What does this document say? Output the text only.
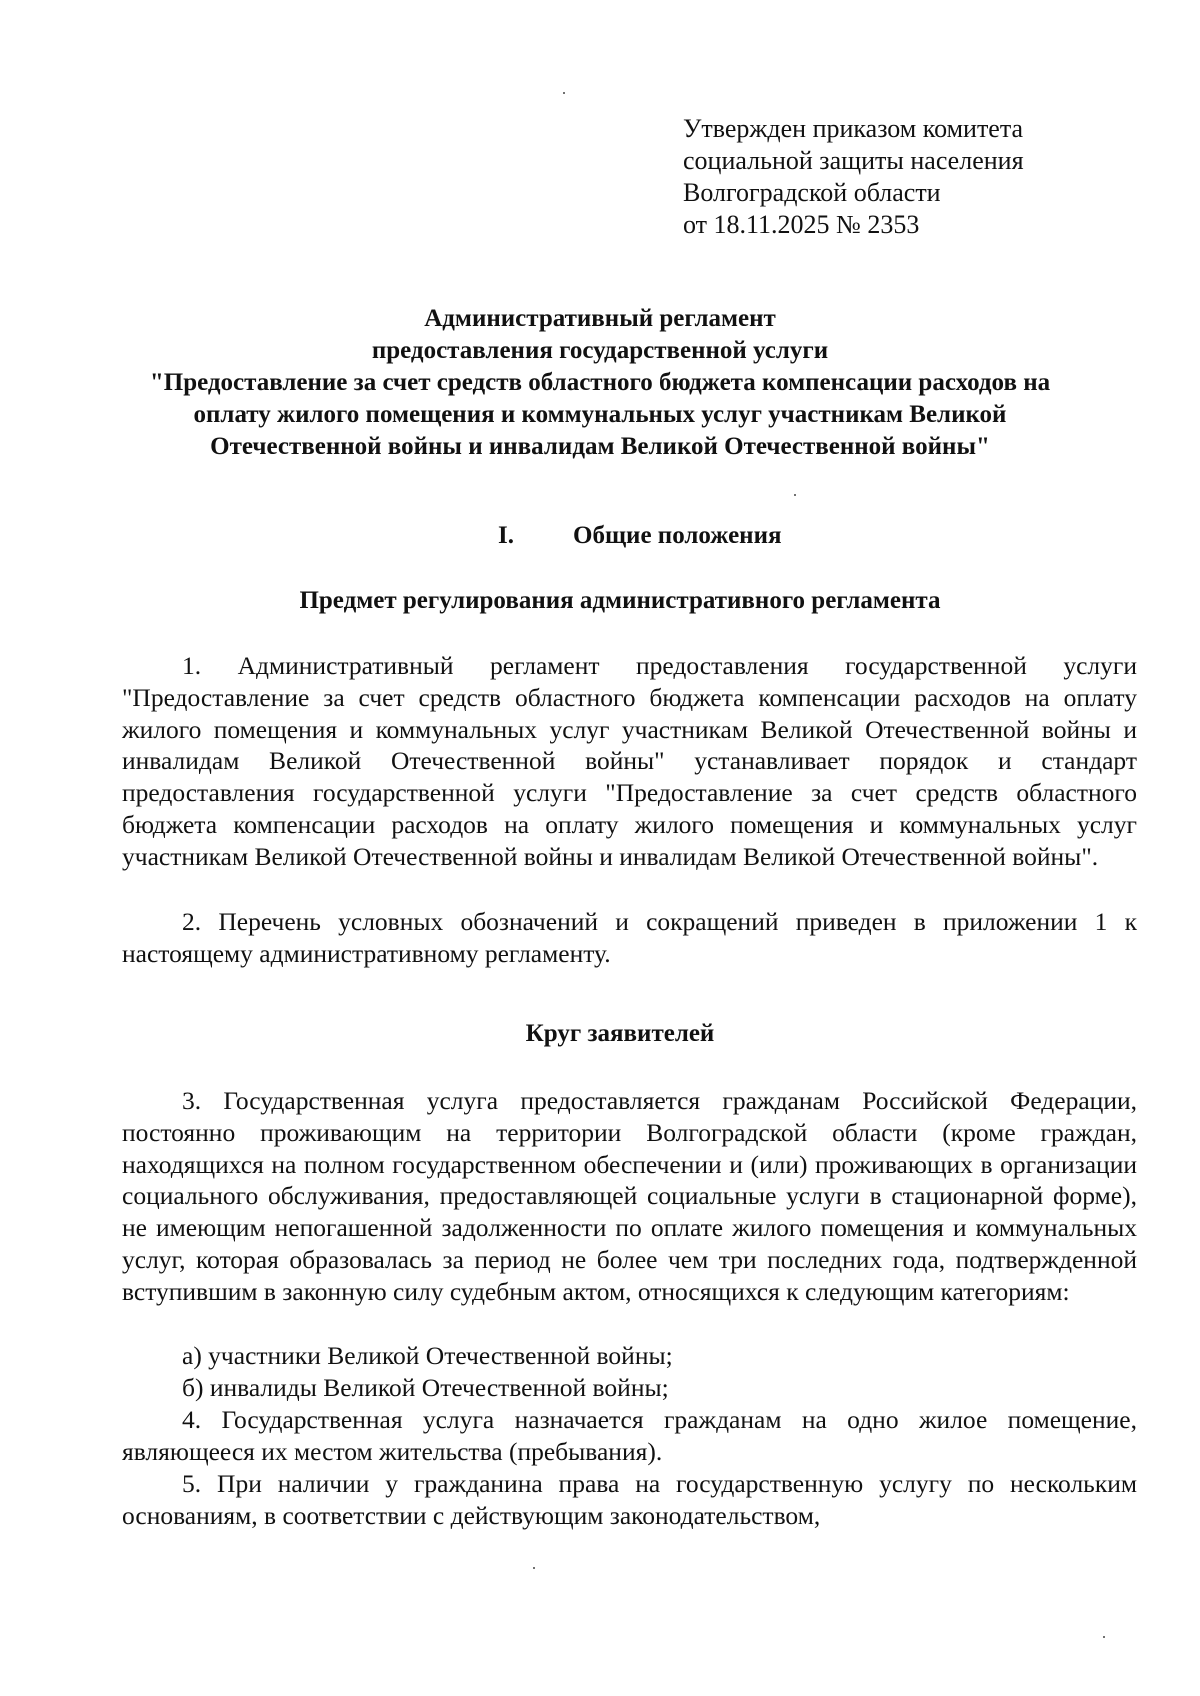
Утвержден приказом комитета
социальной защиты населения
Волгоградской области
от 18.11.2025 № 2353
Административный регламент
предоставления государственной услуги
"Предоставление за счет средств областного бюджета компенсации расходов на
оплату жилого помещения и коммунальных услуг участникам Великой
Отечественной войны и инвалидам Великой Отечественной войны"
I. Общие положения
Предмет регулирования административного регламента
1. Административный регламент предоставления государственной услуги "Предоставление за счет средств областного бюджета компенсации расходов на оплату жилого помещения и коммунальных услуг участникам Великой Отечественной войны и инвалидам Великой Отечественной войны" устанавливает порядок и стандарт предоставления государственной услуги "Предоставление за счет средств областного бюджета компенсации расходов на оплату жилого помещения и коммунальных услуг участникам Великой Отечественной войны и инвалидам Великой Отечественной войны".
2. Перечень условных обозначений и сокращений приведен в приложении 1 к настоящему административному регламенту.
Круг заявителей
3. Государственная услуга предоставляется гражданам Российской Федерации, постоянно проживающим на территории Волгоградской области (кроме граждан, находящихся на полном государственном обеспечении и (или) проживающих в организации социального обслуживания, предоставляющей социальные услуги в стационарной форме), не имеющим непогашенной задолженности по оплате жилого помещения и коммунальных услуг, которая образовалась за период не более чем три последних года, подтвержденной вступившим в законную силу судебным актом, относящихся к следующим категориям:
а) участники Великой Отечественной войны;
б) инвалиды Великой Отечественной войны;
4. Государственная услуга назначается гражданам на одно жилое помещение, являющееся их местом жительства (пребывания).
5. При наличии у гражданина права на государственную услугу по нескольким основаниям, в соответствии с действующим законодательством,
